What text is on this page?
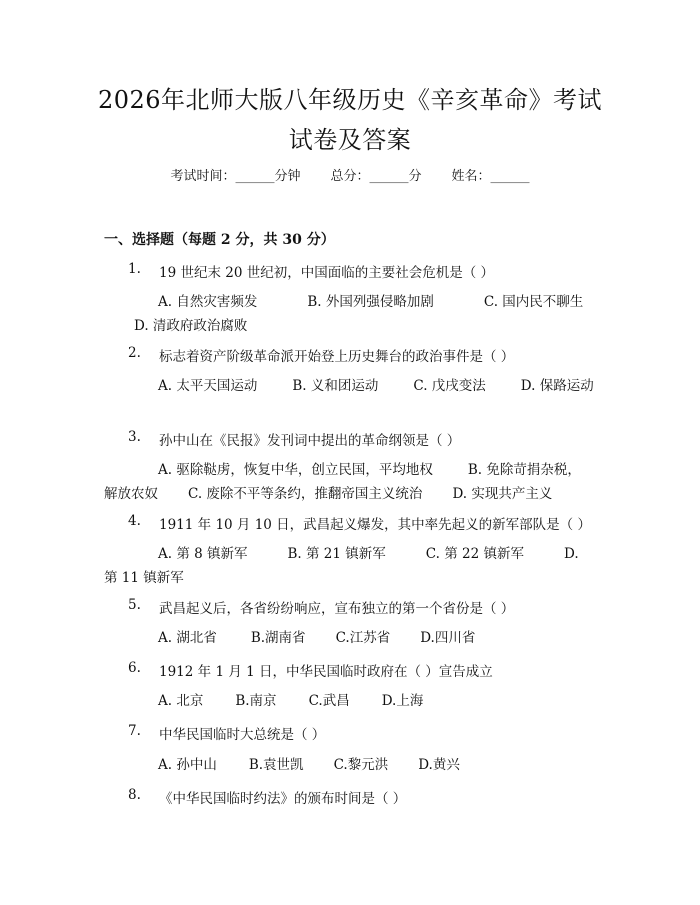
2026年北师大版八年级历史《辛亥革命》考试试卷及答案
考试时间：______分钟 总分：______分 姓名：______
一、选择题（每题 2 分，共 30 分）
1. 19 世纪末 20 世纪初，中国面临的主要社会危机是（ ）
A. 自然灾害频发	B. 外国列强侵略加剧	C. 国内民不聊生D. 清政府政治腐败
2. 标志着资产阶级革命派开始登上历史舞台的政治事件是（ ）
A. 太平天国运动	B. 义和团运动	C. 戊戌变法	D. 保路运动
3. 孙中山在《民报》发刊词中提出的革命纲领是（ ）
A. 驱除鞑虏，恢复中华，创立民国，平均地权	B. 免除苛捐杂税，解放农奴 C. 废除不平等条约，推翻帝国主义统治 D. 实现共产主义
4. 1911 年 10 月 10 日，武昌起义爆发，其中率先起义的新军部队是（ ）
A. 第 8 镇新军	B. 第 21 镇新军	C. 第 22 镇新军	D. 第 11 镇新军
5. 武昌起义后，各省纷纷响应，宣布独立的第一个省份是（ ）
A. 湖北省	B.湖南省 C.江苏省 D.四川省
6. 1912 年 1 月 1 日，中华民国临时政府在（ ）宣告成立
A. 北京 B.南京 C.武昌 D.上海
7. 中华民国临时大总统是（ ）
A. 孙中山 B.袁世凯 C.黎元洪 D.黄兴
8. 《中华民国临时约法》的颁布时间是（ ）
